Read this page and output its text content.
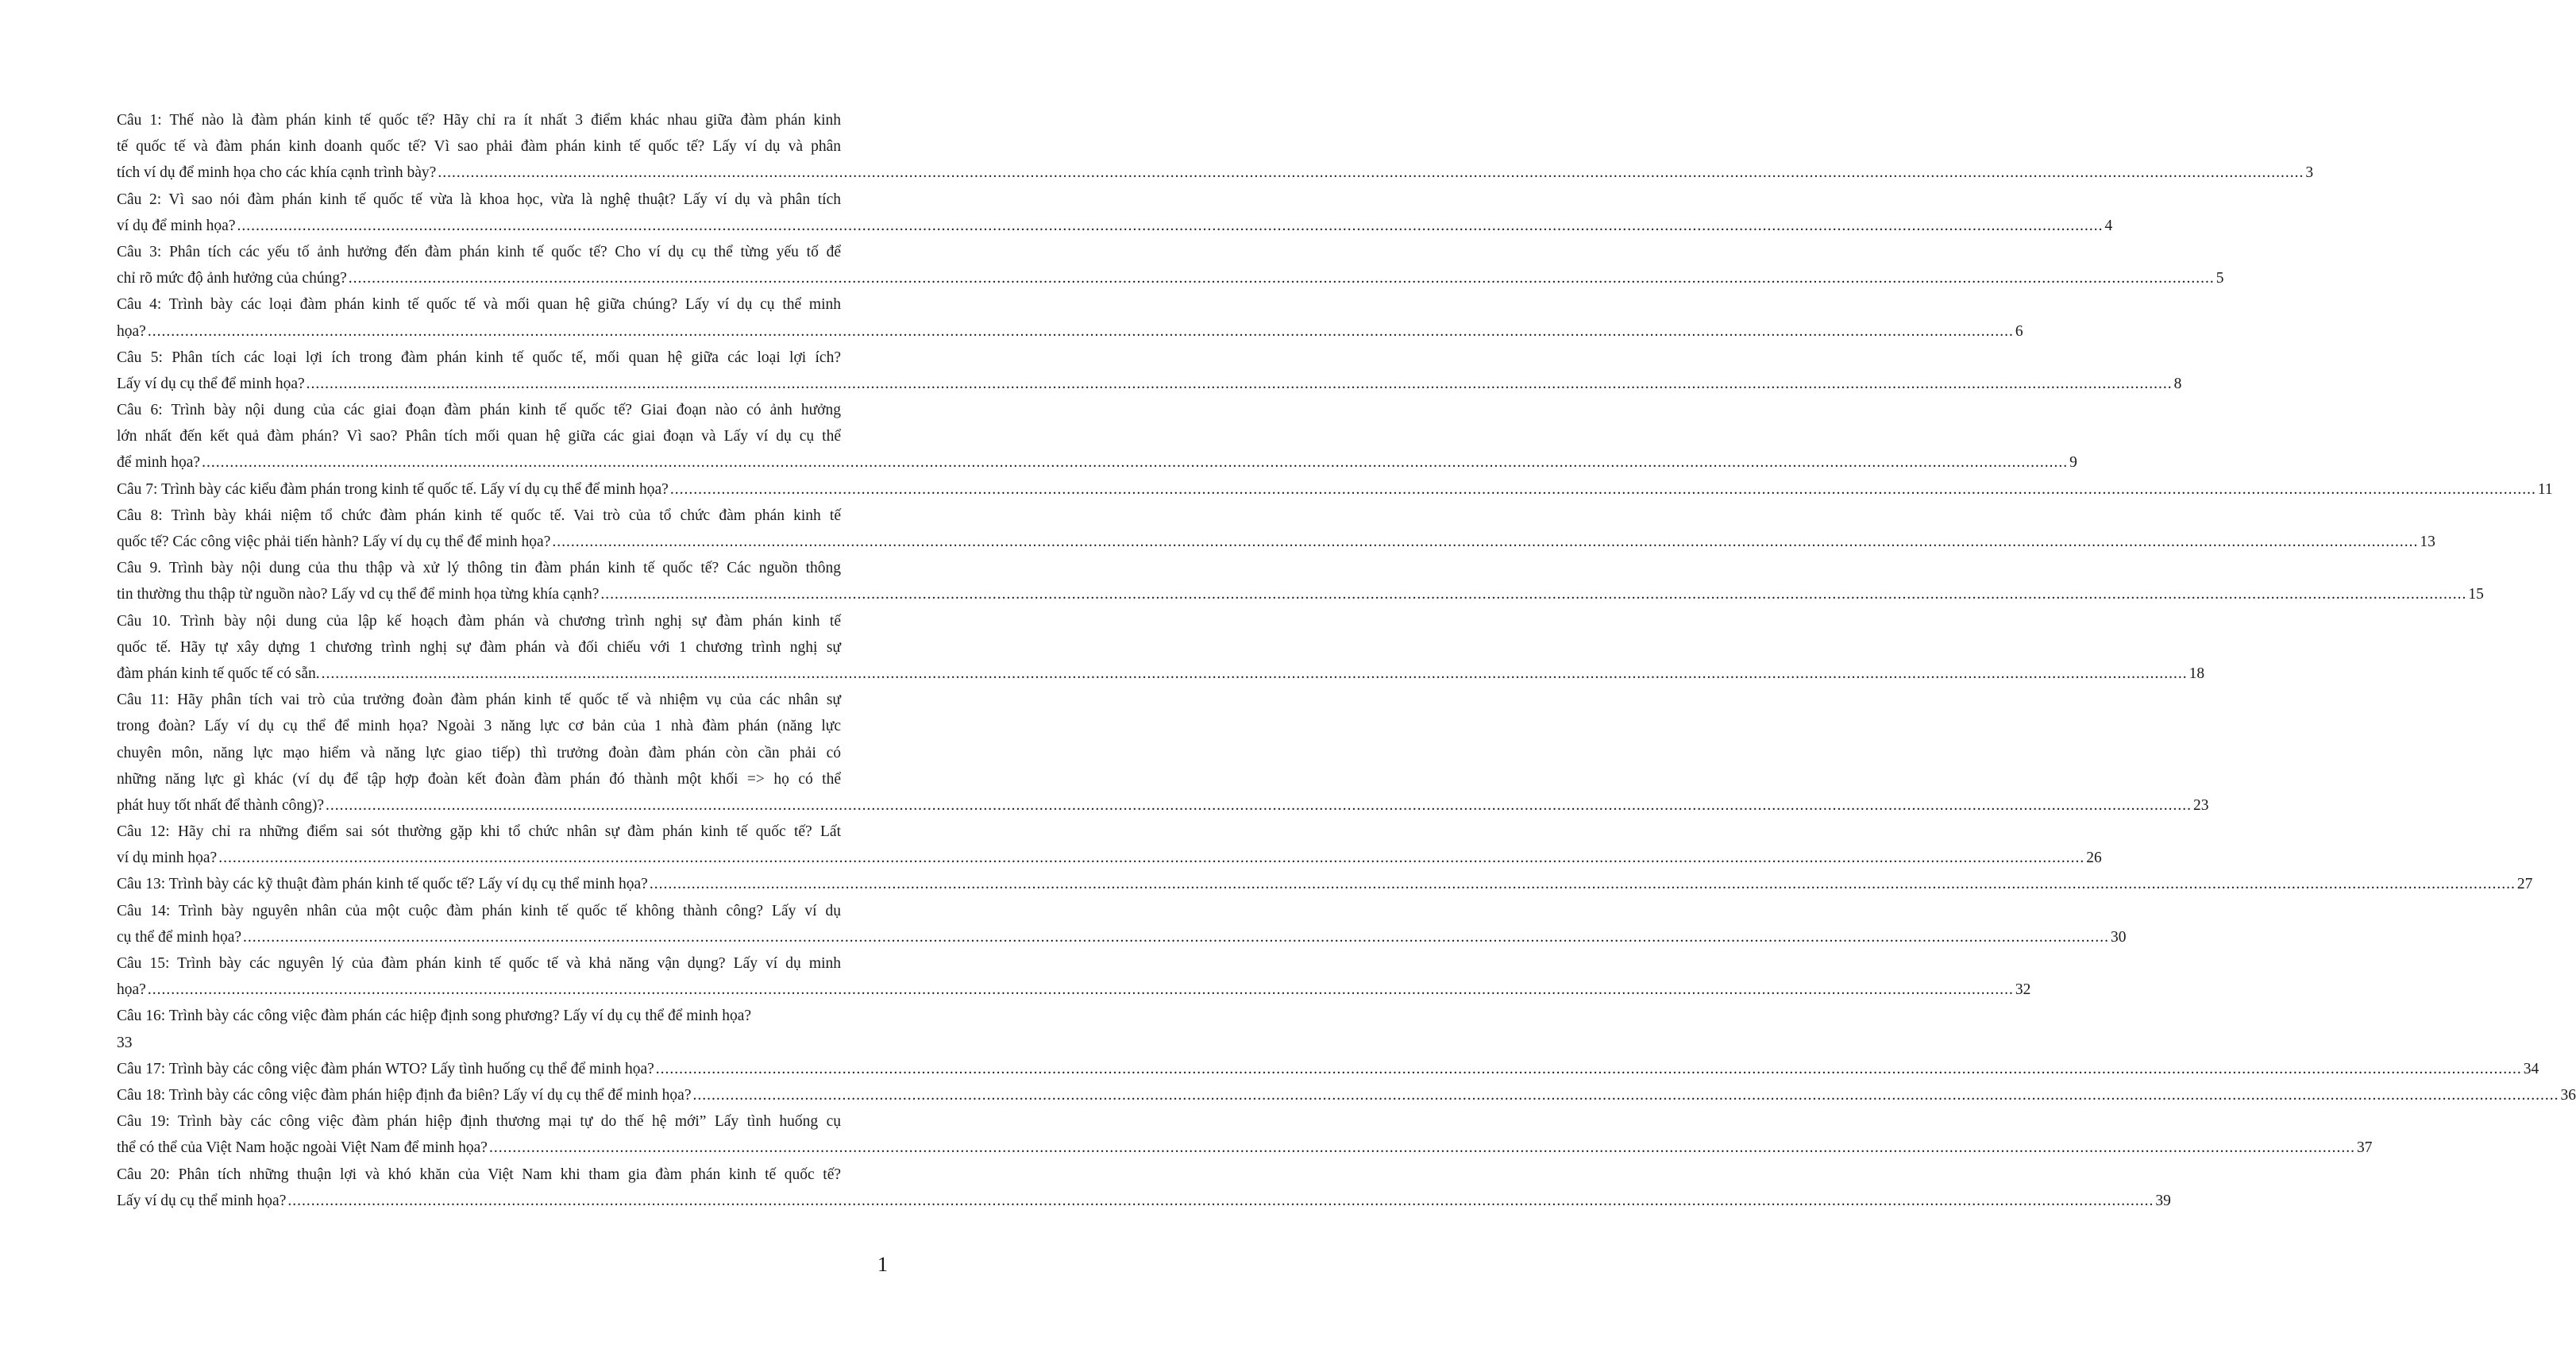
Câu 1: Thế nào là đàm phán kinh tế quốc tế? Hãy chỉ ra ít nhất 3 điểm khác nhau giữa đàm phán kinh
tế quốc tế và đàm phán kinh doanh quốc tế? Vì sao phải đàm phán kinh tế quốc tế? Lấy ví dụ và phân
tích ví dụ để minh họa cho các khía cạnh trình bày? ................................................................................................................................................................................................................................................................................................................................................................................................................ 3
Câu 2: Vì sao nói đàm phán kinh tế quốc tế vừa là khoa học, vừa là nghệ thuật? Lấy ví dụ và phân tích
ví dụ để minh họa? ................................................................................................................................................................................................................................................................................................................................................................................................................ 4
Câu 3: Phân tích các yếu tố ảnh hưởng đến đàm phán kinh tế quốc tế? Cho ví dụ cụ thể từng yếu tố để
chỉ rõ mức độ ảnh hưởng của chúng? ................................................................................................................................................................................................................................................................................................................................................................................................................ 5
Câu 4: Trình bày các loại đàm phán kinh tế quốc tế và mối quan hệ giữa chúng? Lấy ví dụ cụ thể minh
họa? ................................................................................................................................................................................................................................................................................................................................................................................................................ 6
Câu 5: Phân tích các loại lợi ích trong đàm phán kinh tế quốc tế, mối quan hệ giữa các loại lợi ích?
Lấy ví dụ cụ thể để minh họa? ................................................................................................................................................................................................................................................................................................................................................................................................................ 8
Câu 6: Trình bày nội dung của các giai đoạn đàm phán kinh tế quốc tế? Giai đoạn nào có ảnh hưởng
lớn nhất đến kết quả đàm phán? Vì sao? Phân tích mối quan hệ giữa các giai đoạn và Lấy ví dụ cụ thể
để minh họa? ................................................................................................................................................................................................................................................................................................................................................................................................................ 9
Câu 7: Trình bày các kiểu đàm phán trong kinh tế quốc tế. Lấy ví dụ cụ thể để minh họa? ................................................................................................................................................................................................................................................................................................................................................................................................................ 11
Câu 8: Trình bày khái niệm tổ chức đàm phán kinh tế quốc tế. Vai trò của tổ chức đàm phán kinh tế
quốc tế? Các công việc phải tiến hành? Lấy ví dụ cụ thể để minh họa? ................................................................................................................................................................................................................................................................................................................................................................................................................ 13
Câu 9. Trình bày nội dung của thu thập và xử lý thông tin đàm phán kinh tế quốc tế? Các nguồn thông
tin thường thu thập từ nguồn nào? Lấy vd cụ thể để minh họa từng khía cạnh? ................................................................................................................................................................................................................................................................................................................................................................................................................ 15
Câu 10. Trình bày nội dung của lập kế hoạch đàm phán và chương trình nghị sự đàm phán kinh tế
quốc tế. Hãy tự xây dựng 1 chương trình nghị sự đàm phán và đối chiếu với 1 chương trình nghị sự
đàm phán kinh tế quốc tế có sẵn. ................................................................................................................................................................................................................................................................................................................................................................................................................ 18
Câu 11: Hãy phân tích vai trò của trưởng đoàn đàm phán kinh tế quốc tế và nhiệm vụ của các nhân sự
trong đoàn? Lấy ví dụ cụ thể để minh họa? Ngoài 3 năng lực cơ bản của 1 nhà đàm phán (năng lực
chuyên môn, năng lực mạo hiểm và năng lực giao tiếp) thì trưởng đoàn đàm phán còn cần phải có
những năng lực gì khác (ví dụ để tập hợp đoàn kết đoàn đàm phán đó thành một khối => họ có thể
phát huy tốt nhất để thành công)? ................................................................................................................................................................................................................................................................................................................................................................................................................ 23
Câu 12: Hãy chỉ ra những điểm sai sót thường gặp khi tổ chức nhân sự đàm phán kinh tế quốc tế? Lất
ví dụ minh họa? ................................................................................................................................................................................................................................................................................................................................................................................................................ 26
Câu 13: Trình bày các kỹ thuật đàm phán kinh tế quốc tế? Lấy ví dụ cụ thể minh họa? ................................................................................................................................................................................................................................................................................................................................................................................................................ 27
Câu 14: Trình bày nguyên nhân của một cuộc đàm phán kinh tế quốc tế không thành công? Lấy ví dụ
cụ thể để minh họa? ................................................................................................................................................................................................................................................................................................................................................................................................................ 30
Câu 15: Trình bày các nguyên lý của đàm phán kinh tế quốc tế và khả năng vận dụng? Lấy ví dụ minh
họa? ................................................................................................................................................................................................................................................................................................................................................................................................................ 32
Câu 16: Trình bày các công việc đàm phán các hiệp định song phương? Lấy ví dụ cụ thể để minh họa?
33
Câu 17: Trình bày các công việc đàm phán WTO? Lấy tình huống cụ thể để minh họa? ................................................................................................................................................................................................................................................................................................................................................................................................................ 34
Câu 18: Trình bày các công việc đàm phán hiệp định đa biên? Lấy ví dụ cụ thể để minh họa? ................................................................................................................................................................................................................................................................................................................................................................................................................ 36
Câu 19: Trình bày các công việc đàm phán hiệp định thương mại tự do thế hệ mới” Lấy tình huống cụ
thể có thể của Việt Nam hoặc ngoài Việt Nam để minh họa? ................................................................................................................................................................................................................................................................................................................................................................................................................ 37
Câu 20: Phân tích những thuận lợi và khó khăn của Việt Nam khi tham gia đàm phán kinh tế quốc tế?
Lấy ví dụ cụ thể minh họa? ................................................................................................................................................................................................................................................................................................................................................................................................................ 39
1
